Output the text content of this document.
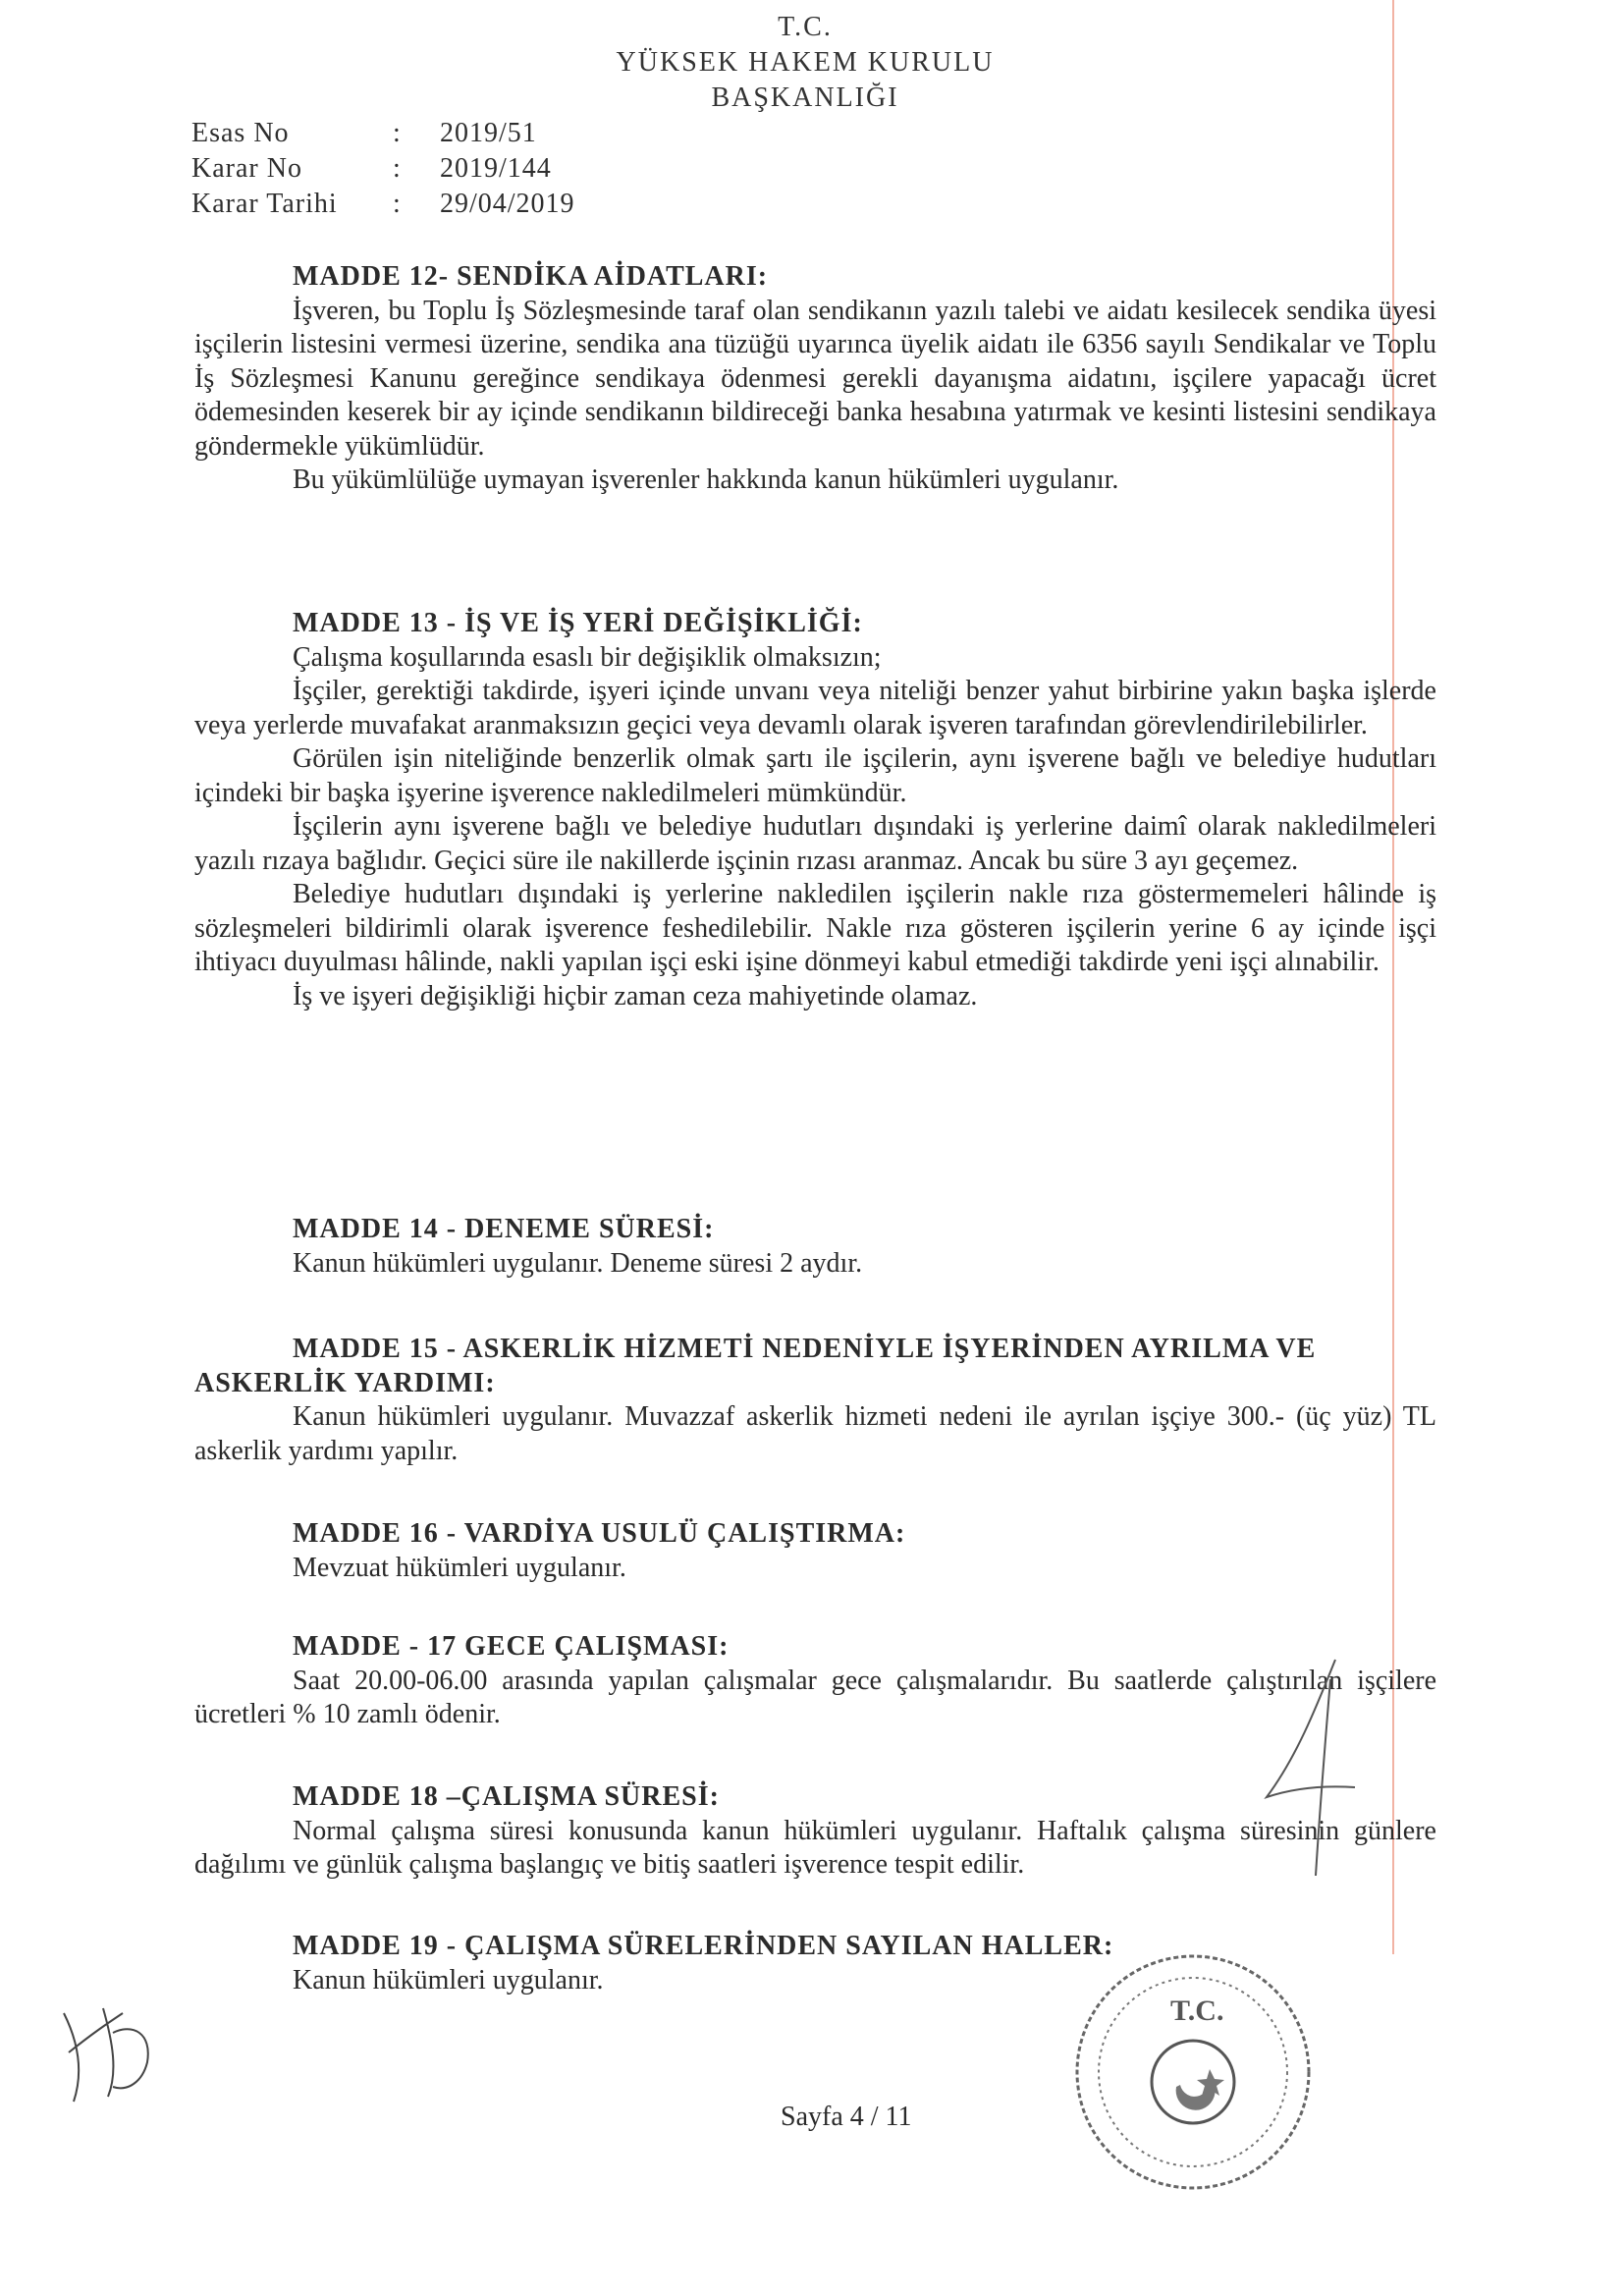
T.C.
YÜKSEK HAKEM KURULU
BAŞKANLIĞI
Esas No	: 2019/51
Karar No	: 2019/144
Karar Tarihi : 29/04/2019
MADDE 12- SENDİKA AİDATLARI:

İşveren, bu Toplu İş Sözleşmesinde taraf olan sendikanın yazılı talebi ve aidatı kesilecek sendika üyesi işçilerin listesini vermesi üzerine, sendika ana tüzüğü uyarınca üyelik aidatı ile 6356 sayılı Sendikalar ve Toplu İş Sözleşmesi Kanunu gereğince sendikaya ödenmesi gerekli dayanışma aidatını, işçilere yapacağı ücret ödemesinden keserek bir ay içinde sendikanın bildireceği banka hesabına yatırmak ve kesinti listesini sendikaya göndermekle yükümlüdür.

Bu yükümlülüğe uymayan işverenler hakkında kanun hükümleri uygulanır.

MADDE 13 - İŞ VE İŞ YERİ DEĞİŞİKLİĞİ:

Çalışma koşullarında esaslı bir değişiklik olmaksızın;

İşçiler, gerektiği takdirde, işyeri içinde unvanı veya niteliği benzer yahut birbirine yakın başka işlerde veya yerlerde muvafakat aranmaksızın geçici veya devamlı olarak işveren tarafından görevlendirilebilirler.

Görülen işin niteliğinde benzerlik olmak şartı ile işçilerin, aynı işverene bağlı ve belediye hudutları içindeki bir başka işyerine işverence nakledilmeleri mümkündür.

İşçilerin aynı işverene bağlı ve belediye hudutları dışındaki iş yerlerine daimî olarak nakledilmeleri yazılı rızaya bağlıdır. Geçici süre ile nakillerde işçinin rızası aranmaz. Ancak bu süre 3 ayı geçemez.

Belediye hudutları dışındaki iş yerlerine nakledilen işçilerin nakle rıza göstermemeleri hâlinde iş sözleşmeleri bildirimli olarak işverence feshedilebilir. Nakle rıza gösteren işçilerin yerine 6 ay içinde işçi ihtiyacı duyulması hâlinde, nakli yapılan işçi eski işine dönmeyi kabul etmediği takdirde yeni işçi alınabilir.

İş ve işyeri değişikliği hiçbir zaman ceza mahiyetinde olamaz.

MADDE 14 - DENEME SÜRESİ:

Kanun hükümleri uygulanır. Deneme süresi 2 aydır.

MADDE 15 - ASKERLİK HİZMETİ NEDENİYLE İŞYERİNDEN AYRILMA VE ASKERLİK YARDIMI:

Kanun hükümleri uygulanır. Muvazzaf askerlik hizmeti nedeni ile ayrılan işçiye 300.- (üç yüz) TL askerlik yardımı yapılır.

MADDE 16 - VARDİYA USULÜ ÇALIŞTIRMA:

Mevzuat hükümleri uygulanır.

MADDE - 17 GECE ÇALIŞMASI:

Saat 20.00-06.00 arasında yapılan çalışmalar gece çalışmalarıdır. Bu saatlerde çalıştırılan işçilere ücretleri % 10 zamlı ödenir.

MADDE 18 –ÇALIŞMA SÜRESİ:

Normal çalışma süresi konusunda kanun hükümleri uygulanır. Haftalık çalışma süresinin günlere dağılımı ve günlük çalışma başlangıç ve bitiş saatleri işverence tespit edilir.

MADDE 19 - ÇALIŞMA SÜRELERİNDEN SAYILAN HALLER:

Kanun hükümleri uygulanır.

Sayfa 4 / 11
T.C.
